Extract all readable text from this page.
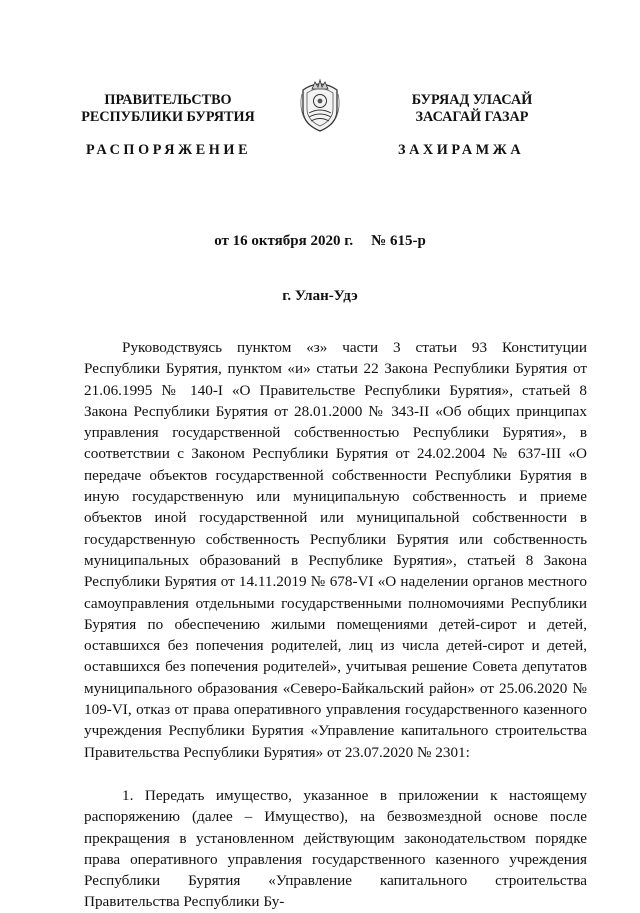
ПРАВИТЕЛЬСТВО
РЕСПУБЛИКИ БУРЯТИЯ
БУРЯАД УЛАСАЙ
ЗАСАГАЙ ГАЗАР
РАСПОРЯЖЕНИЕ	ЗАХИРАМЖА
от 16 октября 2020 г. № 615-р
г. Улан-Удэ

Руководствуясь пунктом «з» части 3 статьи 93 Конституции Республики Бурятия, пунктом «и» статьи 22 Закона Республики Бурятия от 21.06.1995 № 140-I «О Правительстве Республики Бурятия», статьей 8 Закона Республики Бурятия от 28.01.2000 № 343-II «Об общих принципах управления государственной собственностью Республики Бурятия», в соответствии с Законом Республики Бурятия от 24.02.2004 № 637-III «О передаче объектов государственной собственности Республики Бурятия в иную государственную или муниципальную собственность и приеме объектов иной государственной или муниципальной собственности в государственную собственность Республики Бурятия или собственность муниципальных образований в Республике Бурятия», статьей 8 Закона Республики Бурятия от 14.11.2019 № 678-VI «О наделении органов местного самоуправления отдельными государственными полномочиями Республики Бурятия по обеспечению жилыми помещениями детей-сирот и детей, оставшихся без попечения родителей, лиц из числа детей-сирот и детей, оставшихся без попечения родителей», учитывая решение Совета депутатов муниципального образования «Северо-Байкальский район» от 25.06.2020 № 109-VI, отказ от права оперативного управления государственного казенного учреждения Республики Бурятия «Управление капитального строительства Правительства Республики Бурятия» от 23.07.2020 № 2301:

1. Передать имущество, указанное в приложении к настоящему распоряжению (далее – Имущество), на безвозмездной основе после прекращения в установленном действующим законодательством порядке права оперативного управления государственного казенного учреждения Республики Бурятия «Управление капитального строительства Правительства Республики Бу-
